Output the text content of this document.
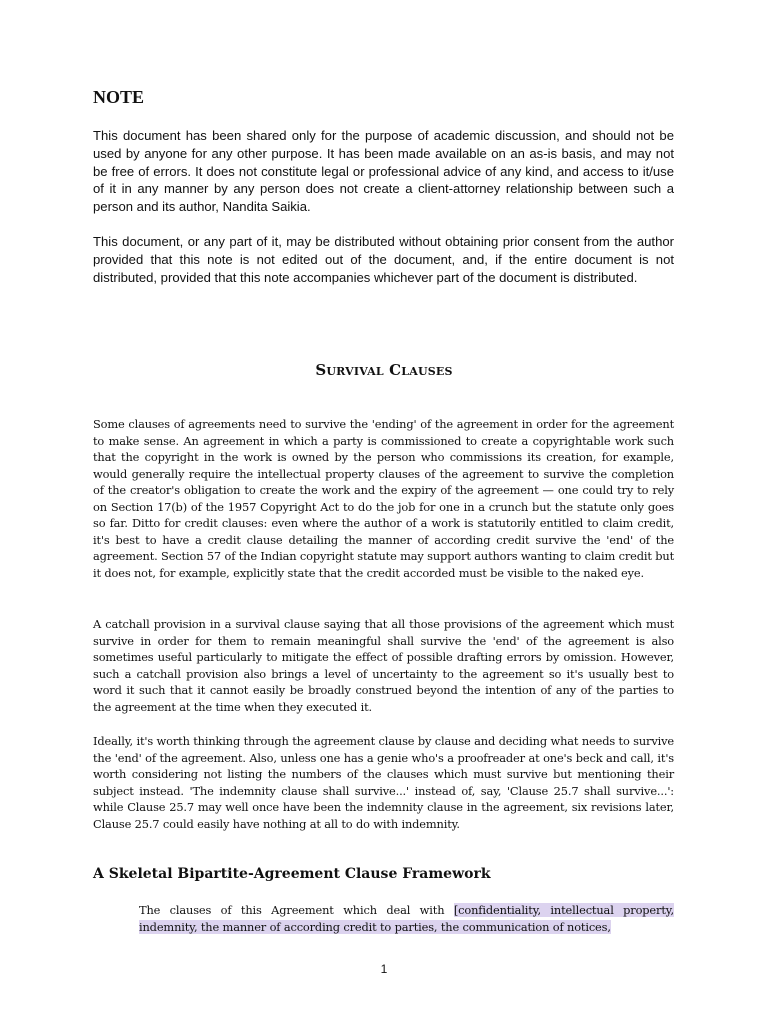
NOTE

This document has been shared only for the purpose of academic discussion, and should not be used by anyone for any other purpose. It has been made available on an as-is basis, and may not be free of errors. It does not constitute legal or professional advice of any kind, and access to it/use of it in any manner by any person does not create a client-attorney relationship between such a person and its author, Nandita Saikia.

This document, or any part of it, may be distributed without obtaining prior consent from the author provided that this note is not edited out of the document, and, if the entire document is not distributed, provided that this note accompanies whichever part of the document is distributed.

Survival Clauses

Some clauses of agreements need to survive the 'ending' of the agreement in order for the agreement to make sense. An agreement in which a party is commissioned to create a copyrightable work such that the copyright in the work is owned by the person who commissions its creation, for example, would generally require the intellectual property clauses of the agreement to survive the completion of the creator's obligation to create the work and the expiry of the agreement — one could try to rely on Section 17(b) of the 1957 Copyright Act to do the job for one in a crunch but the statute only goes so far. Ditto for credit clauses: even where the author of a work is statutorily entitled to claim credit, it's best to have a credit clause detailing the manner of according credit survive the 'end' of the agreement. Section 57 of the Indian copyright statute may support authors wanting to claim credit but it does not, for example, explicitly state that the credit accorded must be visible to the naked eye.

A catchall provision in a survival clause saying that all those provisions of the agreement which must survive in order for them to remain meaningful shall survive the 'end' of the agreement is also sometimes useful particularly to mitigate the effect of possible drafting errors by omission. However, such a catchall provision also brings a level of uncertainty to the agreement so it's usually best to word it such that it cannot easily be broadly construed beyond the intention of any of the parties to the agreement at the time when they executed it.

Ideally, it's worth thinking through the agreement clause by clause and deciding what needs to survive the 'end' of the agreement. Also, unless one has a genie who's a proofreader at one's beck and call, it's worth considering not listing the numbers of the clauses which must survive but mentioning their subject instead. 'The indemnity clause shall survive...' instead of, say, 'Clause 25.7 shall survive...': while Clause 25.7 may well once have been the indemnity clause in the agreement, six revisions later, Clause 25.7 could easily have nothing at all to do with indemnity.

A Skeletal Bipartite-Agreement Clause Framework

The clauses of this Agreement which deal with [confidentiality, intellectual property, indemnity, the manner of according credit to parties, the communication of notices,

1
